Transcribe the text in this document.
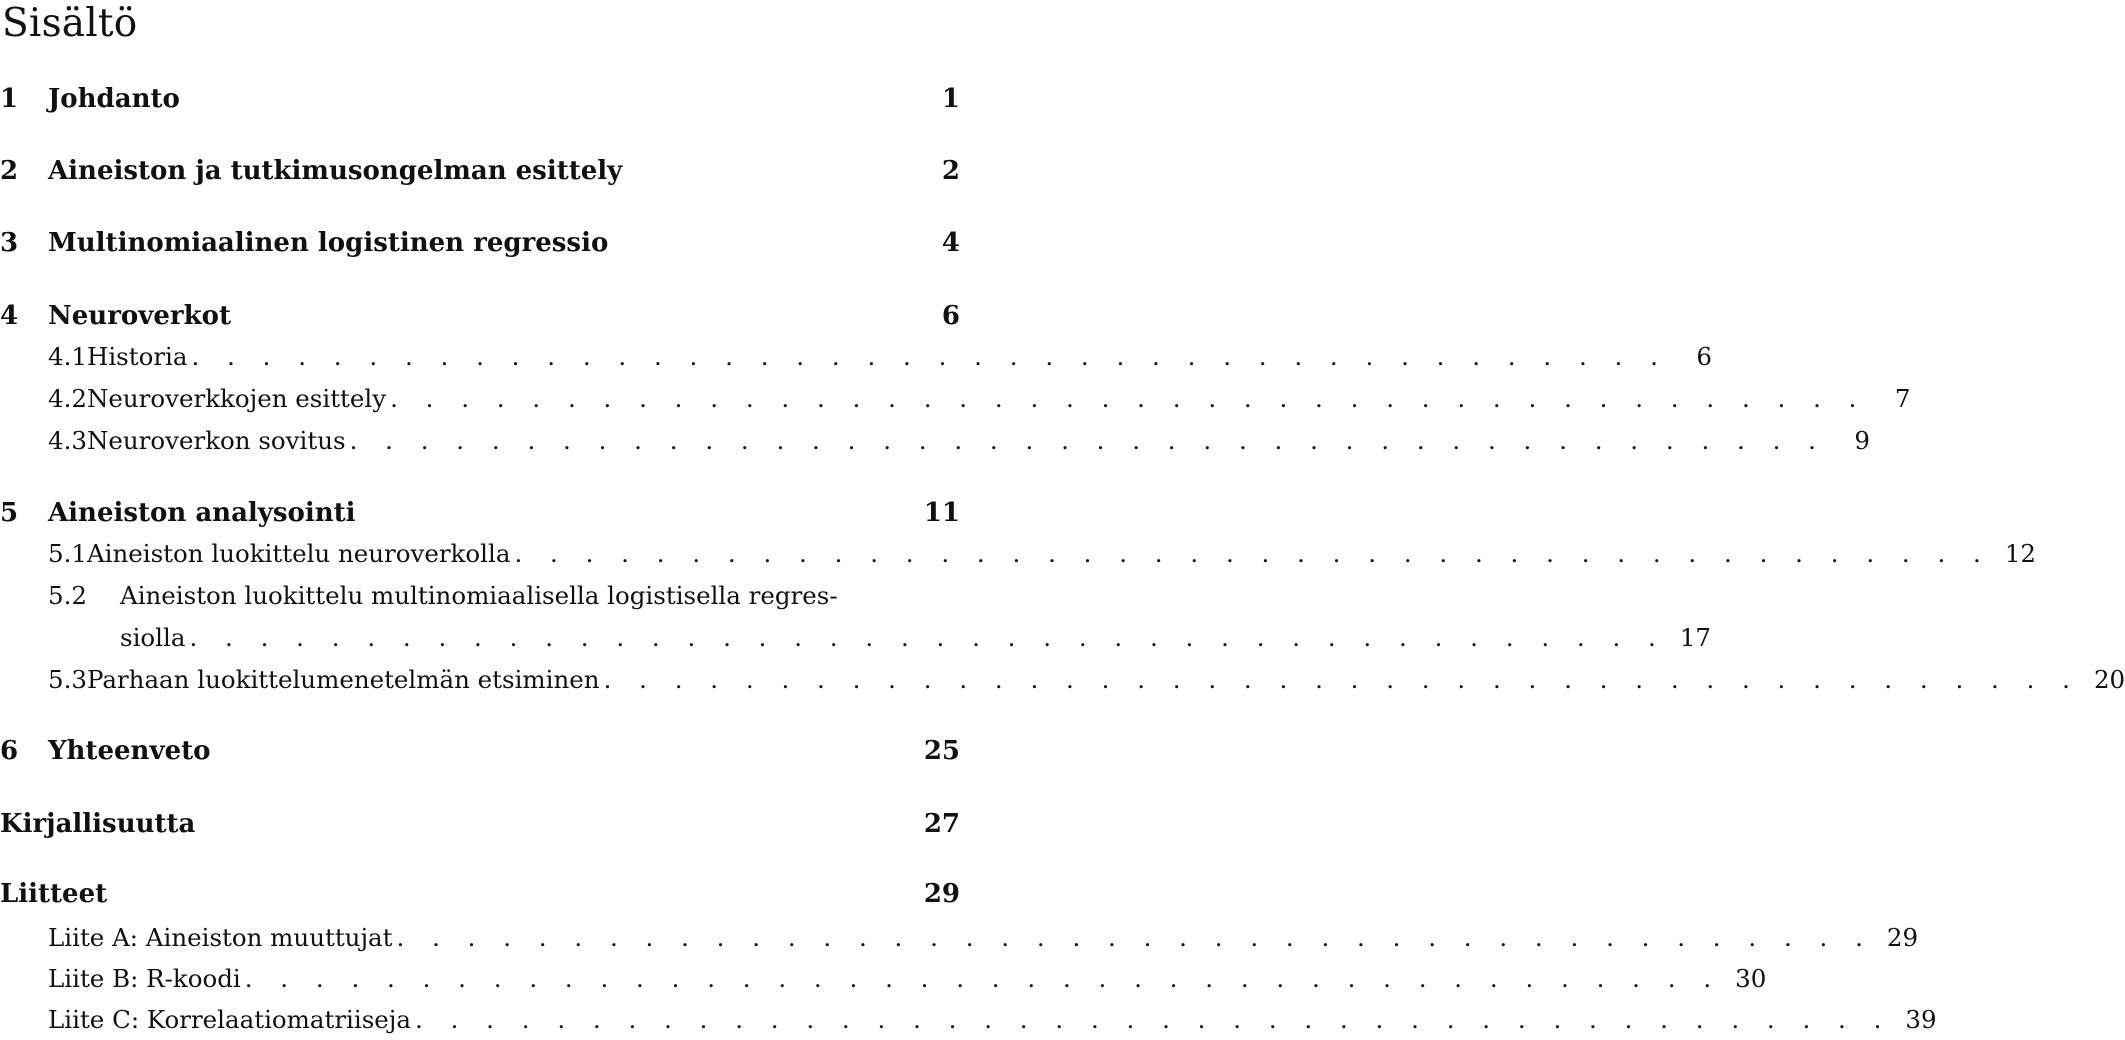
Sisältö
1	Johdanto	1
2	Aineiston ja tutkimusongelman esittely	2
3	Multinomiaalinen logistinen regressio	4
4	Neuroverkot	6
4.1 Historia . . . . . . . . . . . . . . . . . . . . . . . . . . . . . . . . . . . . . . . . . .	6
4.2 Neuroverkkojen esittely . . . . . . . . . . . . . . . . . . . . . . . . . . . . . . . . . . . . . . . . . .	7
4.3 Neuroverkon sovitus . . . . . . . . . . . . . . . . . . . . . . . . . . . . . . . . . . . . . . . . . .	9
5	Aineiston analysointi	11
5.1 Aineiston luokittelu neuroverkolla . . . . . . . . . . . . . . . . . . . . . . . . . . . . . . . . . . . . . . . . . . 12
5.2	Aineiston luokittelu multinomiaalisella logistisella regres-
siolla . . . . . . . . . . . . . . . . . . . . . . . . . . . . . . . . . . . . . . . . . . 17
5.3 Parhaan luokittelumenetelmän etsiminen . . . . . . . . . . . . . . . . . . . . . . . . . . . . . . . . . . . . . . . . . . 20
6	Yhteenveto	25
Kirjallisuutta	27
Liitteet	29
Liite A: Aineiston muuttujat . . . . . . . . . . . . . . . . . . . . . . . . . . . . . . . . . . . . . . . . . . 29
Liite B: R-koodi . . . . . . . . . . . . . . . . . . . . . . . . . . . . . . . . . . . . . . . . . . 30
Liite C: Korrelaatiomatriiseja . . . . . . . . . . . . . . . . . . . . . . . . . . . . . . . . . . . . . . . . . . 39
